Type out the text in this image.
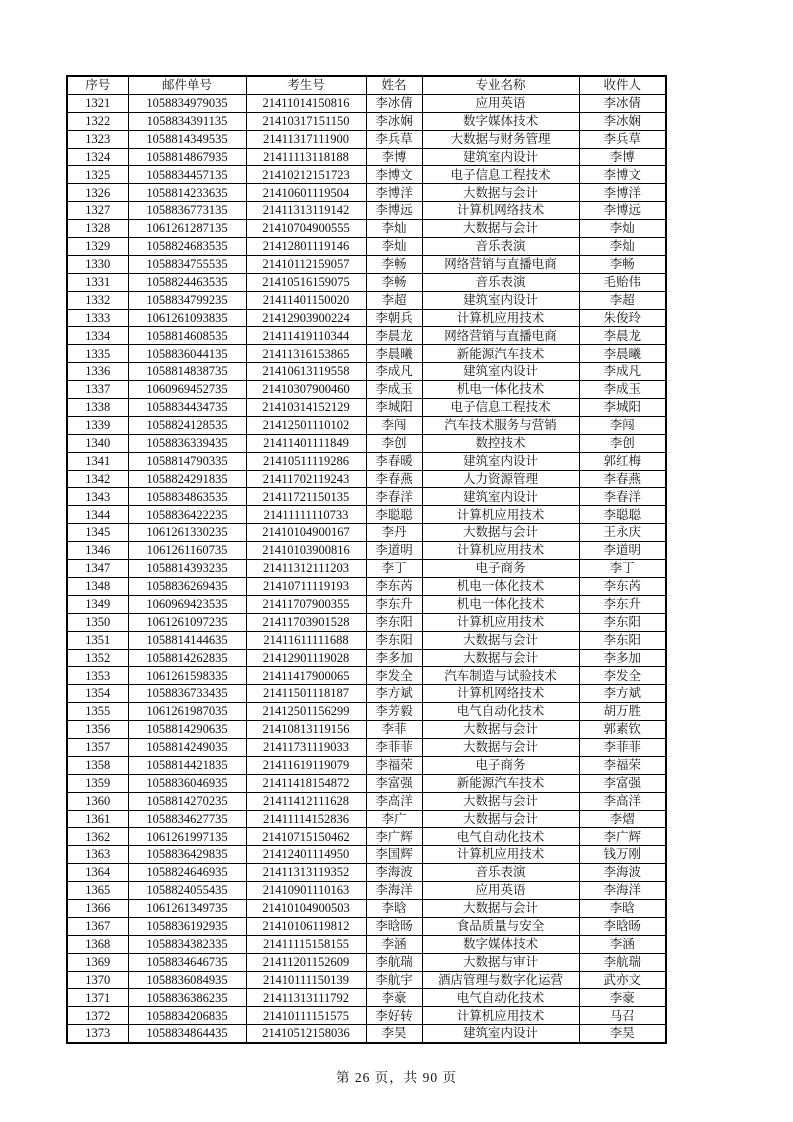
序号	邮件单号	考生号	姓名	专业名称	收件人
1321	1058834979035	21411014150816	李冰倩	应用英语	李冰倩
1322	1058834391135	21410317151150	李冰娴	数字媒体技术	李冰娴
1323	1058814349535	21411317111900	李兵草	大数据与财务管理	李兵草
1324	1058814867935	21411113118188	李博	建筑室内设计	李博
1325	1058834457135	21410212151723	李博文	电子信息工程技术	李博文
1326	1058814233635	21410601119504	李博洋	大数据与会计	李博洋
1327	1058836773135	21411313119142	李博远	计算机网络技术	李博远
1328	1061261287135	21410704900555	李灿	大数据与会计	李灿
1329	1058824683535	21412801119146	李灿	音乐表演	李灿
1330	1058834755535	21410112159057	李畅	网络营销与直播电商	李畅
1331	1058824463535	21410516159075	李畅	音乐表演	毛贻伟
1332	1058834799235	21411401150020	李超	建筑室内设计	李超
1333	1061261093835	21412903900224	李朝兵	计算机应用技术	朱俊玲
1334	1058814608535	21411419110344	李晨龙	网络营销与直播电商	李晨龙
1335	1058836044135	21411316153865	李晨曦	新能源汽车技术	李晨曦
1336	1058814838735	21410613119558	李成凡	建筑室内设计	李成凡
1337	1060969452735	21410307900460	李成玉	机电一体化技术	李成玉
1338	1058834434735	21410314152129	李城阳	电子信息工程技术	李城阳
1339	1058824128535	21412501110102	李闯	汽车技术服务与营销	李闯
1340	1058836339435	21411401111849	李创	数控技术	李创
1341	1058814790335	21410511119286	李春暖	建筑室内设计	郭红梅
1342	1058824291835	21411702119243	李春燕	人力资源管理	李春燕
1343	1058834863535	21411721150135	李春洋	建筑室内设计	李春洋
1344	1058836422235	21411111110733	李聪聪	计算机应用技术	李聪聪
1345	1061261330235	21410104900167	李丹	大数据与会计	王永庆
1346	1061261160735	21410103900816	李道明	计算机应用技术	李道明
1347	1058814393235	21411312111203	李丁	电子商务	李丁
1348	1058836269435	21410711119193	李东芮	机电一体化技术	李东芮
1349	1060969423535	21411707900355	李东升	机电一体化技术	李东升
1350	1061261097235	21411703901528	李东阳	计算机应用技术	李东阳
1351	1058814144635	21411611111688	李东阳	大数据与会计	李东阳
1352	1058814262835	21412901119028	李多加	大数据与会计	李多加
1353	1061261598335	21411417900065	李发全	汽车制造与试验技术	李发全
1354	1058836733435	21411501118187	李方斌	计算机网络技术	李方斌
1355	1061261987035	21412501156299	李芳毅	电气自动化技术	胡万胜
1356	1058814290635	21410813119156	李菲	大数据与会计	郭素钦
1357	1058814249035	21411731119033	李菲菲	大数据与会计	李菲菲
1358	1058814421835	21411619119079	李福荣	电子商务	李福荣
1359	1058836046935	21411418154872	李富强	新能源汽车技术	李富强
1360	1058814270235	21411412111628	李高洋	大数据与会计	李高洋
1361	1058834627735	21411114152836	李广	大数据与会计	李熠
1362	1061261997135	21410715150462	李广辉	电气自动化技术	李广辉
1363	1058836429835	21412401114950	李国辉	计算机应用技术	钱万刚
1364	1058824646935	21411313119352	李海波	音乐表演	李海波
1365	1058824055435	21410901110163	李海洋	应用英语	李海洋
1366	1061261349735	21410104900503	李晗	大数据与会计	李晗
1367	1058836192935	21410106119812	李晗旸	食品质量与安全	李晗旸
1368	1058834382335	21411115158155	李涵	数字媒体技术	李涵
1369	1058834646735	21411201152609	李航瑞	大数据与审计	李航瑞
1370	1058836084935	21410111150139	李航宇	酒店管理与数字化运营	武亦文
1371	1058836386235	21411313111792	李豪	电气自动化技术	李豪
1372	1058834206835	21410111151575	李好转	计算机应用技术	马召
1373	1058834864435	21410512158036	李昊	建筑室内设计	李昊
第 26 页，共 90 页
